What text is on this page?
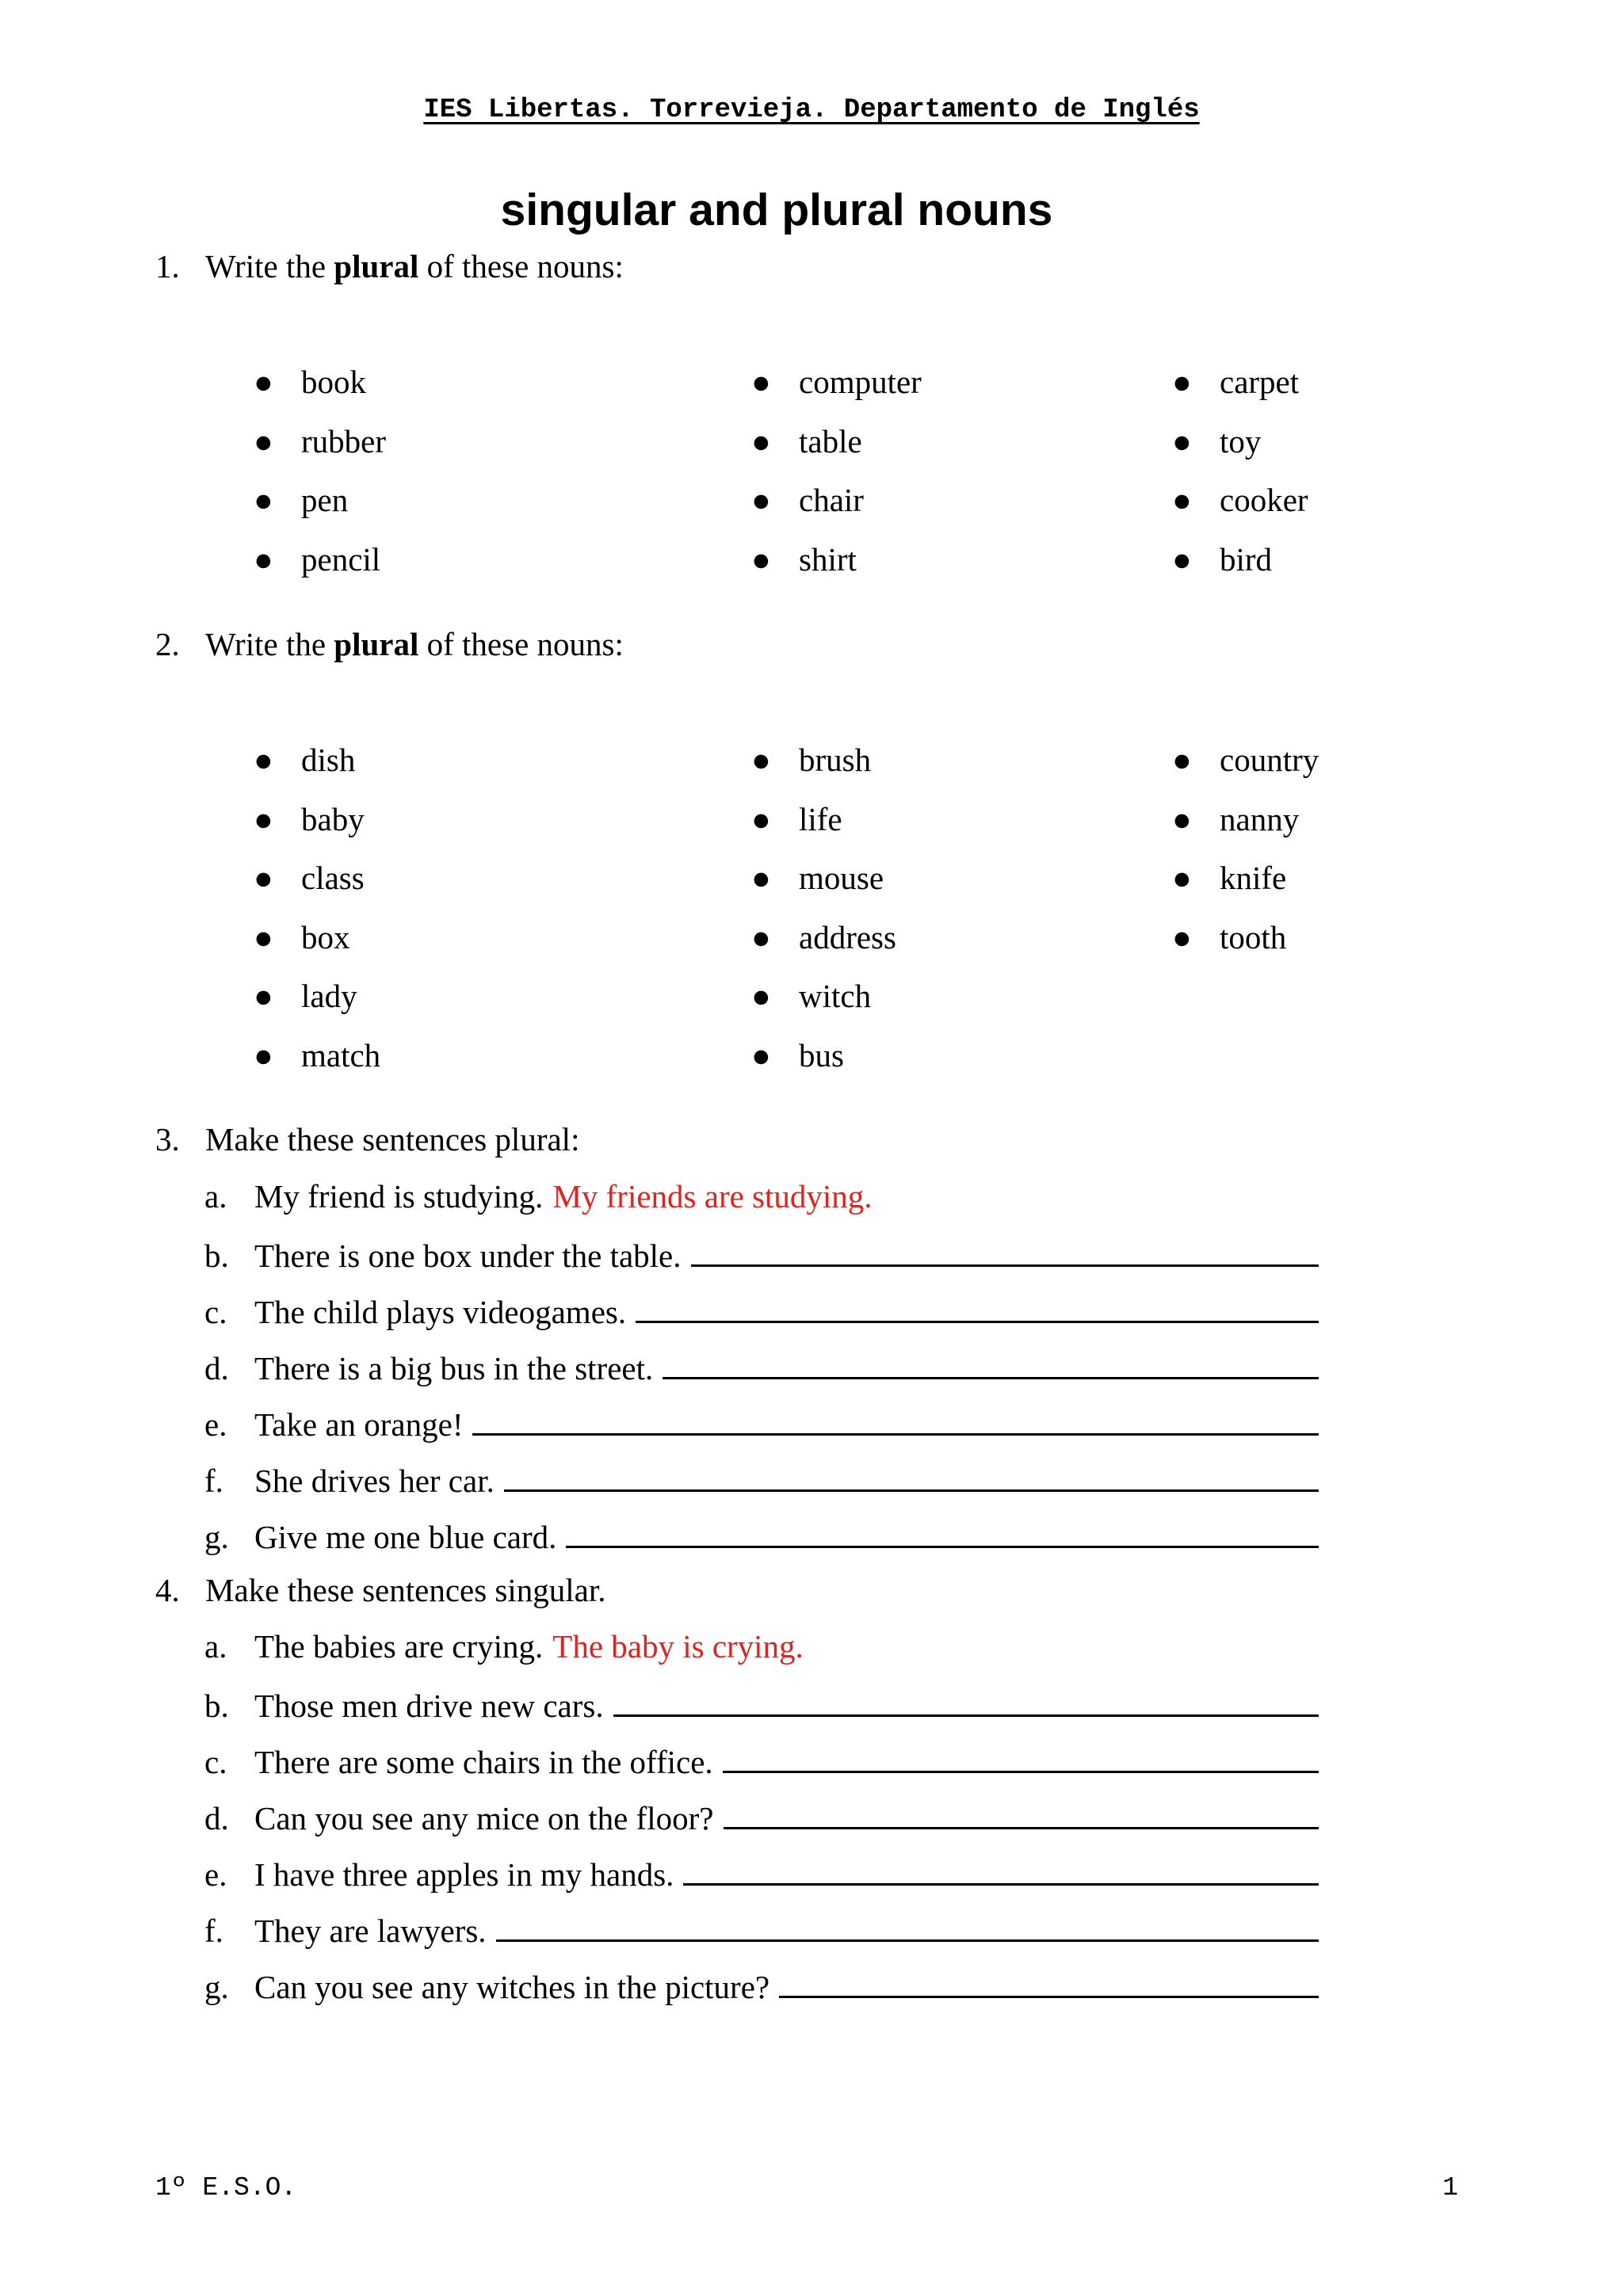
IES Libertas. Torrevieja. Departamento de Inglés
singular and plural nouns
1. Write the plural of these nouns:
● book
● rubber
● pen
● pencil
● computer
● table
● chair
● shirt
● carpet
● toy
● cooker
● bird
2. Write the plural of these nouns:
● dish
● baby
● class
● box
● lady
● match
● brush
● life
● mouse
● address
● witch
● bus
● country
● nanny
● knife
● tooth
3. Make these sentences plural:
a. My friend is studying. My friends are studying.
b. There is one box under the table.
c. The child plays videogames.
d. There is a big bus in the street.
e. Take an orange!
f. She drives her car.
g. Give me one blue card.
4. Make these sentences singular.
a. The babies are crying. The baby is crying.
b. Those men drive new cars.
c. There are some chairs in the office.
d. Can you see any mice on the floor?
e. I have three apples in my hands.
f. They are lawyers.
g. Can you see any witches in the picture?
1º E.S.O.	1
